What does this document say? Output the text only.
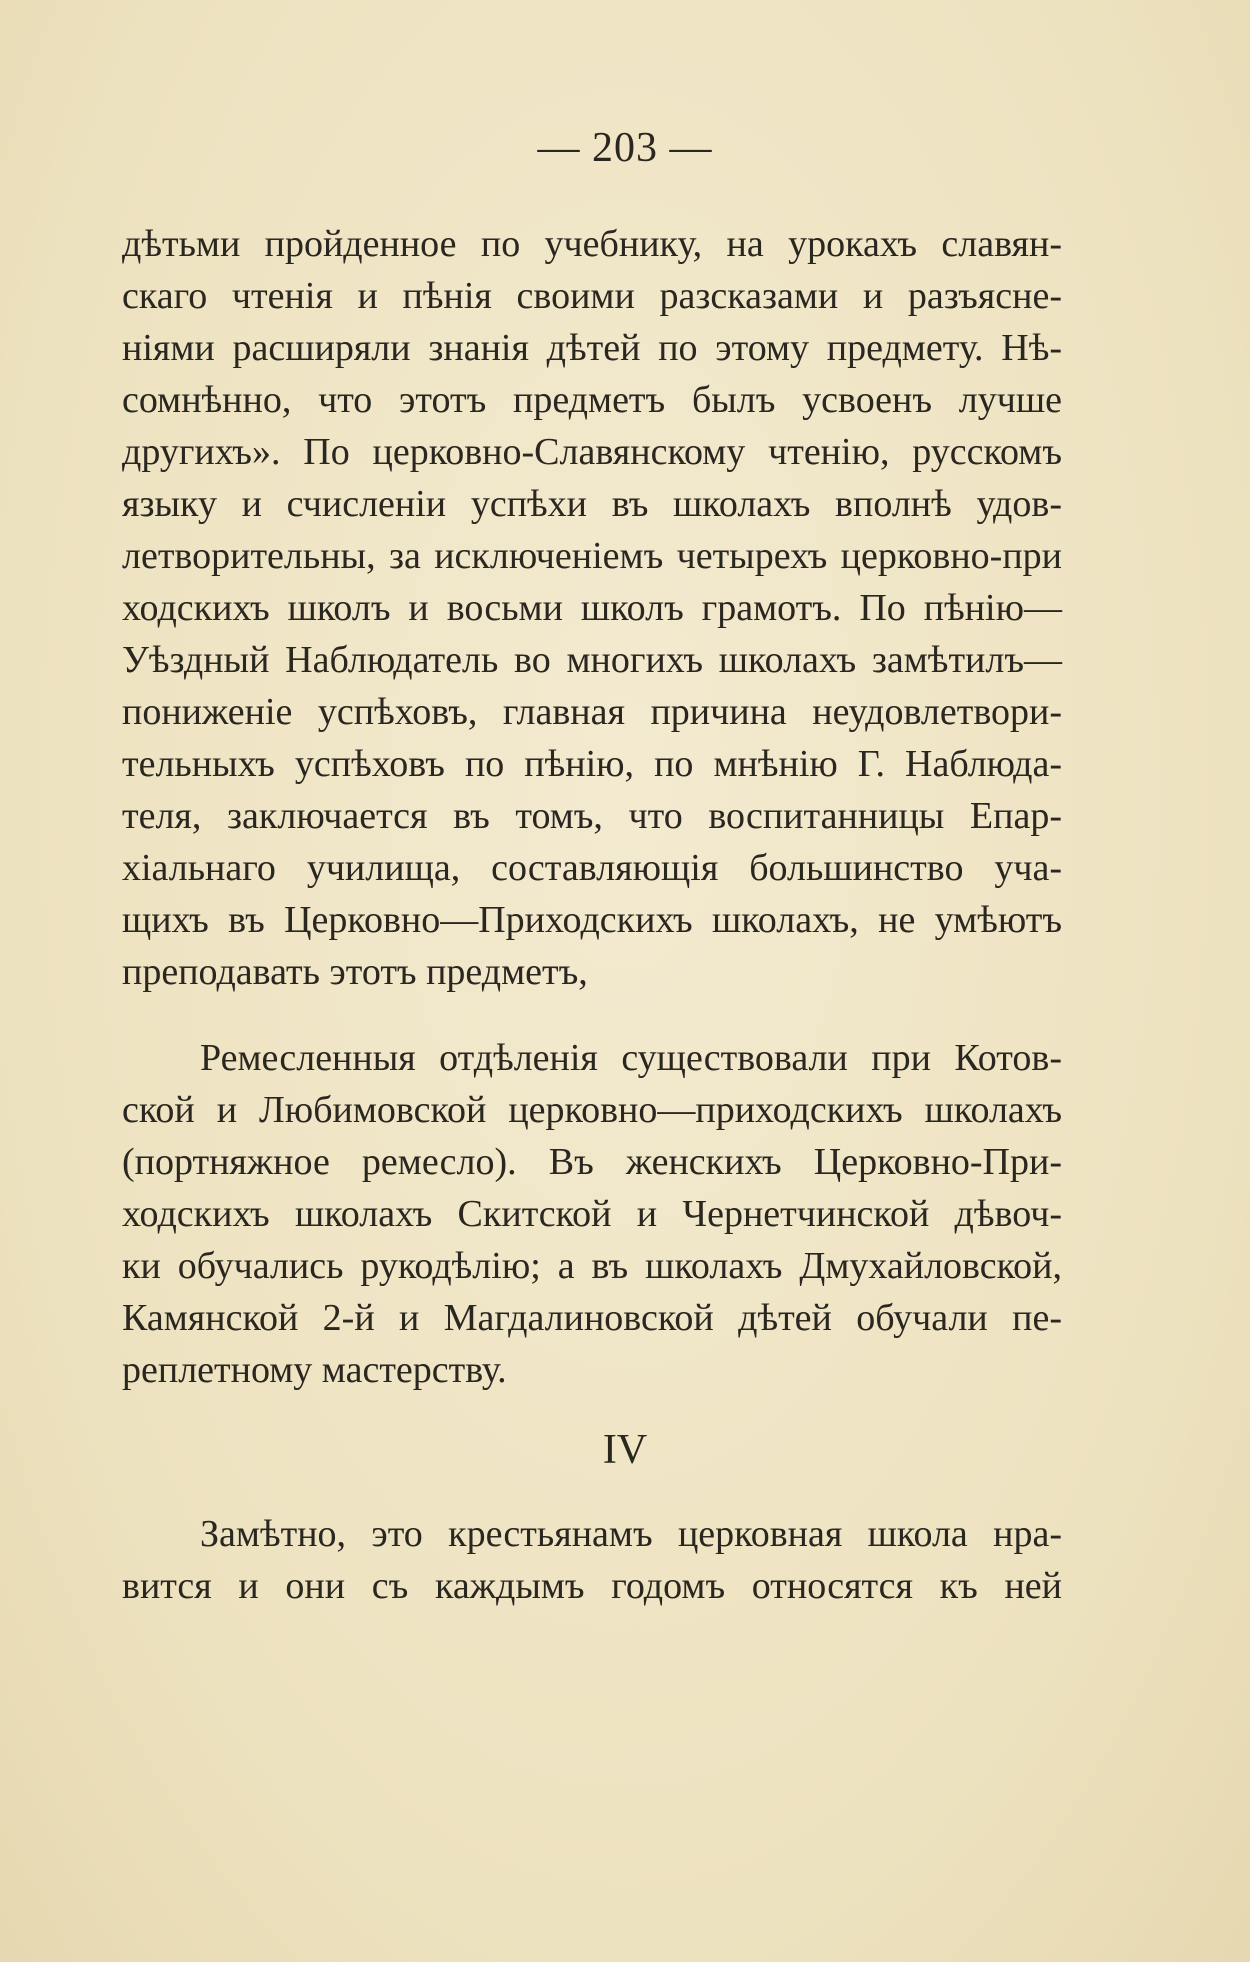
— 203 —
дѣтьми пройденное по учебнику, на урокахъ славян-
скаго чтенія и пѣнія своими разсказами и разъясне-
ніями расширяли знанія дѣтей по этому предмету. Нѣ-
сомнѣнно, что этотъ предметъ былъ усвоенъ лучше
другихъ». По церковно-Славянскому чтенію, русскомъ
языку и счисленіи успѣхи въ школахъ вполнѣ удов-
летворительны, за исключеніемъ четырехъ церковно-при
ходскихъ школъ и восьми школъ грамотъ. По пѣнію—
Уѣздный Наблюдатель во многихъ школахъ замѣтилъ—
пониженіе успѣховъ, главная причина неудовлетвори-
тельныхъ успѣховъ по пѣнію, по мнѣнію Г. Наблюда-
теля, заключается въ томъ, что воспитанницы Епар-
хіальнаго училища, составляющія большинство уча-
щихъ въ Церковно—Приходскихъ школахъ, не умѣютъ
преподавать этотъ предметъ,
Ремесленныя отдѣленія существовали при Котов-
ской и Любимовской церковно—приходскихъ школахъ
(портняжное ремесло). Въ женскихъ Церковно-При-
ходскихъ школахъ Скитской и Чернетчинской дѣвоч-
ки обучались рукодѣлію; а въ школахъ Дмухайловской,
Камянской 2-й и Магдалиновской дѣтей обучали пе-
реплетному мастерству.
IV
Замѣтно, это крестьянамъ церковная школа нра-
вится и они съ каждымъ годомъ относятся къ ней
